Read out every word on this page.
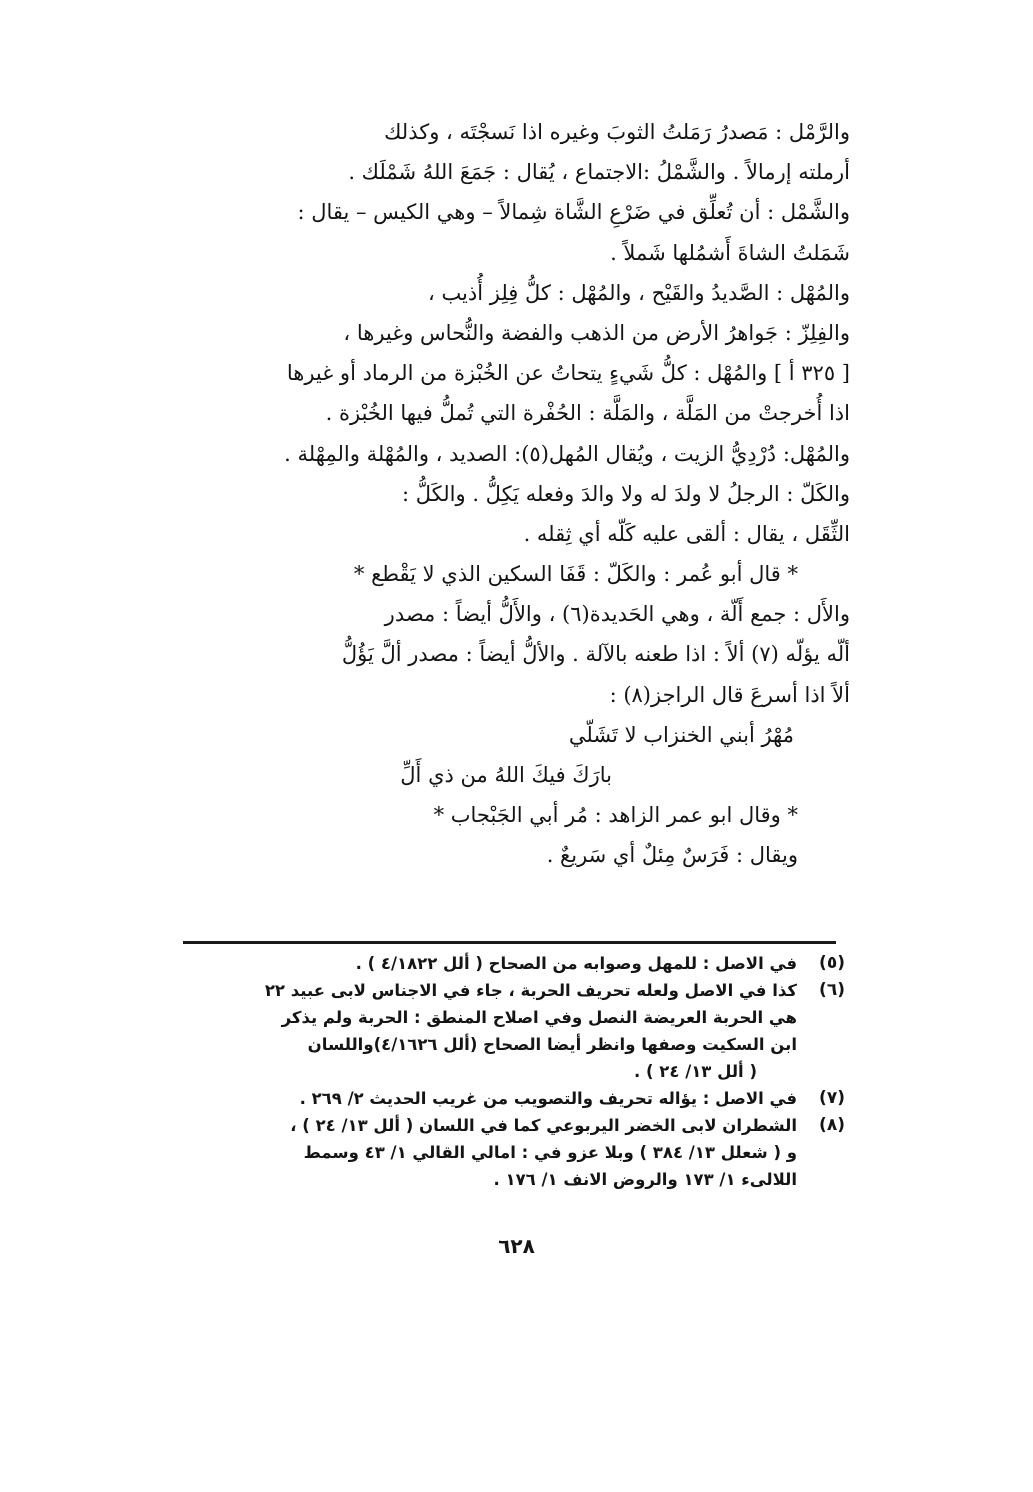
والرَّمْل : مَصدرُ رَمَلتُ الثوبَ وغيره اذا نَسجْتَه ، وكذلك
أرملته إرمالاً . والشَّمْلُ :الاجتماع ، يُقال : جَمَعَ اللهُ شَمْلَك .
والشَّمْل : أن تُعلِّق في ضَرْعِ الشَّاة شِمالاً – وهي الكيس – يقال :
شَمَلتُ الشاةَ أَشمُلها شَملاً .
والمُهْل : الصَّديدُ والقَيْح ، والمُهْل : كلُّ فِلِز أُذيب ،
والفِلِزّ : جَواهرُ الأرض من الذهب والفضة والنُّحاس وغيرها ،
[ ٣٢٥ أ ] والمُهْل : كلُّ شَيءٍ يتحاتُ عن الخُبْزة من الرماد أو غيرها
اذا أُخرجتْ من المَلَّة ، والمَلَّة : الحُفْرة التي تُملُّ فيها الخُبْزة .
والمُهْل: دُرْدِيُّ الزيت ، ويُقال المُهل(٥): الصديد ، والمُهْلة والمِهْلة .
والكَلّ : الرجلُ لا ولدَ له ولا والدَ وفعله يَكِلُّ . والكَلُّ :
الثِّقَل ، يقال : ألقى عليه كَلّه أي ثِقله .
* قال أبو عُمر : والكَلّ : قَفَا السكين الذي لا يَقْطع *
والأَل : جمع أَلّة ، وهي الحَديدة(٦) ، والأَلُّ أيضاً : مصدر
ألّه يؤلّه (٧) ألاً : اذا طعنه بالآلة . والألُّ أيضاً : مصدر ألَّ يَؤُلُّ
ألاً اذا أسرعَ قال الراجز(٨) :
مُهْرُ أبني الخنزاب لا تَشَلّي
بارَكَ فيكَ اللهُ من ذي أَلِّ
* وقال ابو عمر الزاهد : مُر أبي الجَبْجاب *
ويقال : فَرَسٌ مِئلٌ أي سَريعٌ .
(٥)
في الاصل : للمهل وصوابه من الصحاح ( ألل ٤/١٨٢٢ ) .
(٦)
كذا في الاصل ولعله تحريف الحربة ، جاء في الاجناس لابى عبيد ٢٢
هي الحربة العريضة النصل وفي اصلاح المنطق : الحربة ولم يذكر
ابن السكيت وصفها وانظر أيضا الصحاح (ألل ٤/١٦٢٦)واللسان
( ألل ١٣/ ٢٤ ) .
(٧)
في الاصل : يؤاله تحريف والتصويب من غريب الحديث ٢/ ٢٦٩ .
(٨)
الشطران لابى الخضر اليربوعي كما في اللسان ( ألل ١٣/ ٢٤ ) ،
و ( شعلل ١٣/ ٣٨٤ ) وبلا عزو في : امالي القالي ١/ ٤٣ وسمط
اللالىء ١/ ١٧٣ والروض الانف ١/ ١٧٦ .
٦٢٨
